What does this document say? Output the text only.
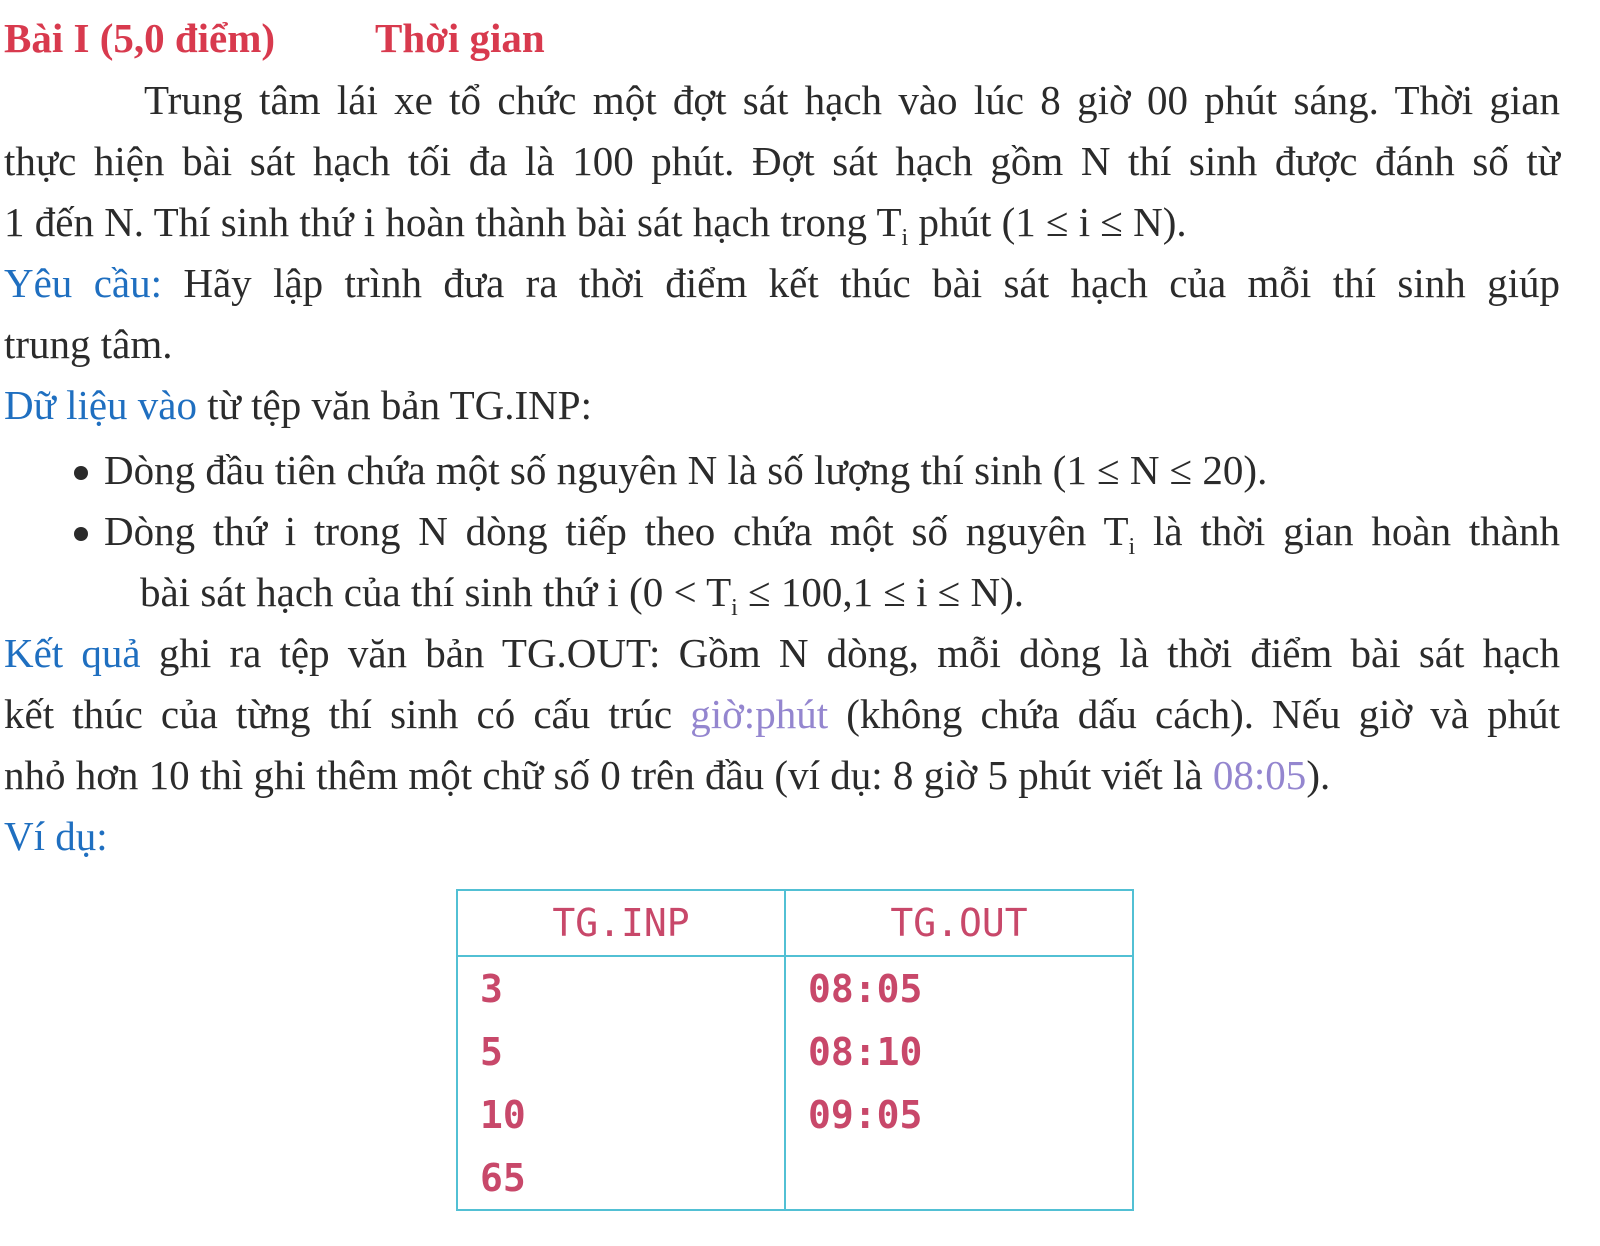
Bài I (5,0 điểm) Thời gian
Trung tâm lái xe tổ chức một đợt sát hạch vào lúc 8 giờ 00 phút sáng. Thời gian
thực hiện bài sát hạch tối đa là 100 phút. Đợt sát hạch gồm N thí sinh được đánh số từ
1 đến N. Thí sinh thứ i hoàn thành bài sát hạch trong $T_i$ phút (1 ≤ i ≤ N).
Yêu cầu: Hãy lập trình đưa ra thời điểm kết thúc bài sát hạch của mỗi thí sinh giúp
trung tâm.
Dữ liệu vào từ tệp văn bản TG.INP:
Dòng đầu tiên chứa một số nguyên N là số lượng thí sinh (1 ≤ N ≤ 20).
Dòng thứ i trong N dòng tiếp theo chứa một số nguyên $T_i$ là thời gian hoàn thành
bài sát hạch của thí sinh thứ i $(0 < T_i \le 100,1 \le i \le N)$.
Kết quả ghi ra tệp văn bản TG.OUT: Gồm N dòng, mỗi dòng là thời điểm bài sát hạch
kết thúc của từng thí sinh có cấu trúc giờ:phút (không chứa dấu cách). Nếu giờ và phút
nhỏ hơn 10 thì ghi thêm một chữ số 0 trên đầu (ví dụ: 8 giờ 5 phút viết là 08:05).
Ví dụ:
TG.INP	TG.OUT
3	08:05
5	08:10
10	09:05
65	
